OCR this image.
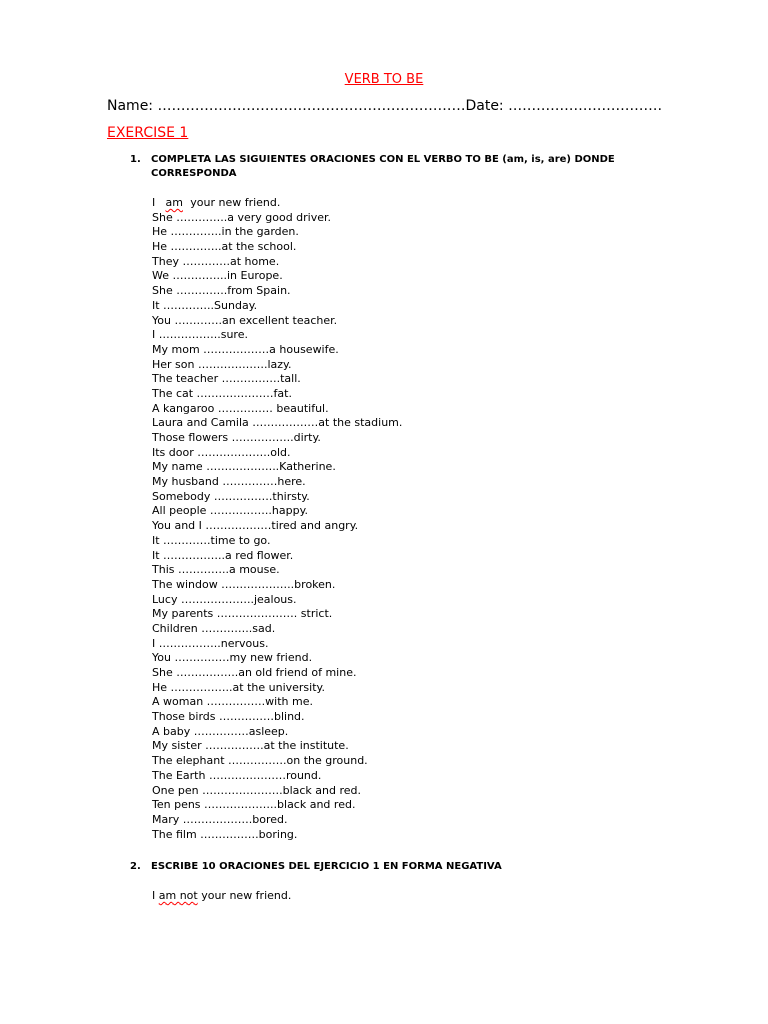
VERB TO BE
Name: …………………………………………………………Date: ……………………………
EXERCISE 1
1. COMPLETA LAS SIGUIENTES ORACIONES CON EL VERBO TO BE (am, is, are) DONDE CORRESPONDA
I am your new friend.
She …………..a very good driver.
He …………..in the garden.
He …………..at the school.
They ………….at home.
We …………...in Europe.
She …………..from Spain.
It …………..Sunday.
You ………….an excellent teacher.
I ……………..sure.
My mom ………………a housewife.
Her son ……………….lazy.
The teacher …………….tall.
The cat …………………fat.
A kangaroo …………… beautiful.
Laura and Camila ………………at the stadium.
Those flowers ……………..dirty.
Its door ………………..old.
My name ………………..Katherine.
My husband ……………here.
Somebody …………….thirsty.
All people ……………..happy.
You and I ………………tired and angry.
It ………….time to go.
It ……………..a red flower.
This …………..a mouse.
The window ………………..broken.
Lucy ………………..jealous.
My parents …………………. strict.
Children …………..sad.
I ……………..nervous.
You ……………my new friend.
She ……………..an old friend of mine.
He ……………..at the university.
A woman …………….with me.
Those birds ……………blind.
A baby ……………asleep.
My sister …………….at the institute.
The elephant …………….on the ground.
The Earth …………………round.
One pen ………………….black and red.
Ten pens ………………..black and red.
Mary ……………….bored.
The film …………….boring.
2. ESCRIBE 10 ORACIONES DEL EJERCICIO 1 EN FORMA NEGATIVA
I am not your new friend.
